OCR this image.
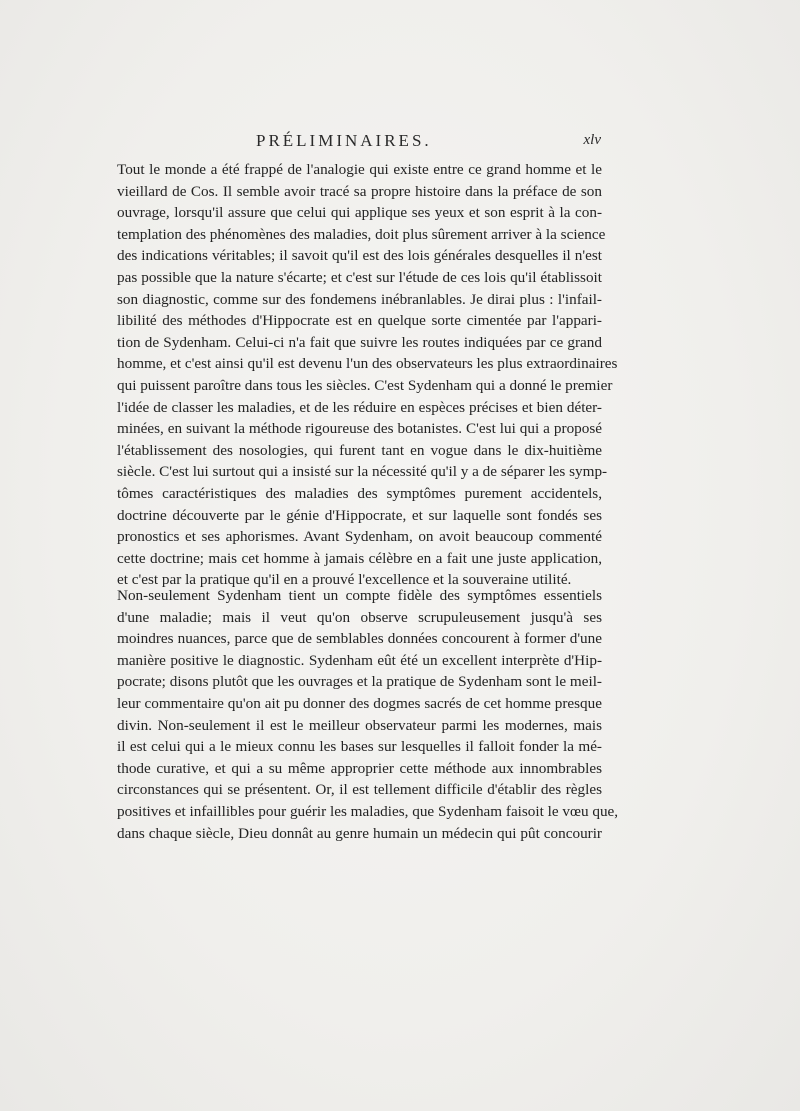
PRÉLIMINAIRES.	xlv

Tout le monde a été frappé de l'analogie qui existe entre ce grand homme et le
vieillard de Cos. Il semble avoir tracé sa propre histoire dans la préface de son
ouvrage, lorsqu'il assure que celui qui applique ses yeux et son esprit à la con-
templation des phénomènes des maladies, doit plus sûrement arriver à la science
des indications véritables; il savoit qu'il est des lois générales desquelles il n'est
pas possible que la nature s'écarte; et c'est sur l'étude de ces lois qu'il établissoit
son diagnostic, comme sur des fondemens inébranlables. Je dirai plus : l'infail-
libilité des méthodes d'Hippocrate est en quelque sorte cimentée par l'appari-
tion de Sydenham. Celui-ci n'a fait que suivre les routes indiquées par ce grand
homme, et c'est ainsi qu'il est devenu l'un des observateurs les plus extraordinaires
qui puissent paroître dans tous les siècles. C'est Sydenham qui a donné le premier
l'idée de classer les maladies, et de les réduire en espèces précises et bien déter-
minées, en suivant la méthode rigoureuse des botanistes. C'est lui qui a proposé
l'établissement des nosologies, qui furent tant en vogue dans le dix-huitième
siècle. C'est lui surtout qui a insisté sur la nécessité qu'il y a de séparer les symp-
tômes caractéristiques des maladies des symptômes purement accidentels,
doctrine découverte par le génie d'Hippocrate, et sur laquelle sont fondés ses
pronostics et ses aphorismes. Avant Sydenham, on avoit beaucoup commenté
cette doctrine; mais cet homme à jamais célèbre en a fait une juste application,
et c'est par la pratique qu'il en a prouvé l'excellence et la souveraine utilité.

Non-seulement Sydenham tient un compte fidèle des symptômes essentiels
d'une maladie; mais il veut qu'on observe scrupuleusement jusqu'à ses
moindres nuances, parce que de semblables données concourent à former d'une
manière positive le diagnostic. Sydenham eût été un excellent interprète d'Hip-
pocrate; disons plutôt que les ouvrages et la pratique de Sydenham sont le meil-
leur commentaire qu'on ait pu donner des dogmes sacrés de cet homme presque
divin. Non-seulement il est le meilleur observateur parmi les modernes, mais
il est celui qui a le mieux connu les bases sur lesquelles il falloit fonder la mé-
thode curative, et qui a su même approprier cette méthode aux innombrables
circonstances qui se présentent. Or, il est tellement difficile d'établir des règles
positives et infaillibles pour guérir les maladies, que Sydenham faisoit le vœu que,
dans chaque siècle, Dieu donnât au genre humain un médecin qui pût concourir
